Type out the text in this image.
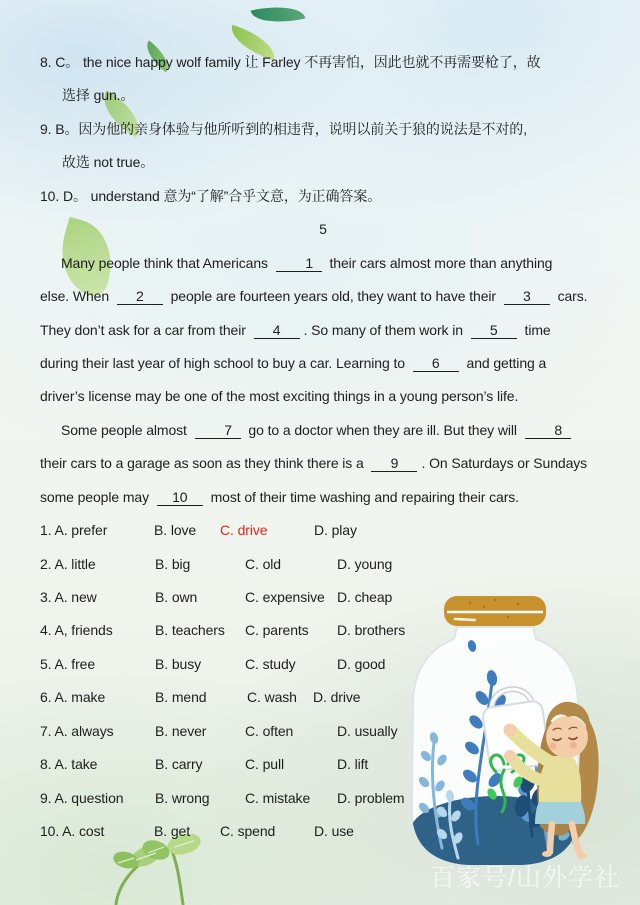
8. C。 the nice happy wolf family 让 Farley 不再害怕，因此也就不再需要枪了，故
选择 gun.。
9. B。因为他的亲身体验与他所听到的相违背，说明以前关于狼的说法是不对的,
故选 not true。
10. D。 understand 意为“了解”合乎文意，为正确答案。
5
Many people think that Americans 1 their cars almost more than anything
else. When 2 people are fourteen years old, they want to have their 3 cars.
They don’t ask for a car from their 4 . So many of them work in 5 time
during their last year of high school to buy a car. Learning to 6 and getting a
driver’s license may be one of the most exciting things in a young person’s life.
Some people almost 7 go to a doctor when they are ill. But they will 8
their cars to a garage as soon as they think there is a 9 . On Saturdays or Sundays
some people may 10 most of their time washing and repairing their cars.
1. A. prefer	B. love	C. drive	D. play
2. A. little	B. big	C. old	D. young
3. A. new	B. own	C. expensive D. cheap
4. A, friends	B. teachers	C. parents	D. brothers
5. A. free	B. busy	C. study	D. good
6. A. make	B. mend	C. wash	D. drive
7. A. always	B. never	C. often	D. usually
8. A. take	B. carry	C. pull	D. lift
9. A. question	B. wrong	C. mistake	D. problem
10. A. cost	B. get	C. spend	D. use
百家号/山外学社
